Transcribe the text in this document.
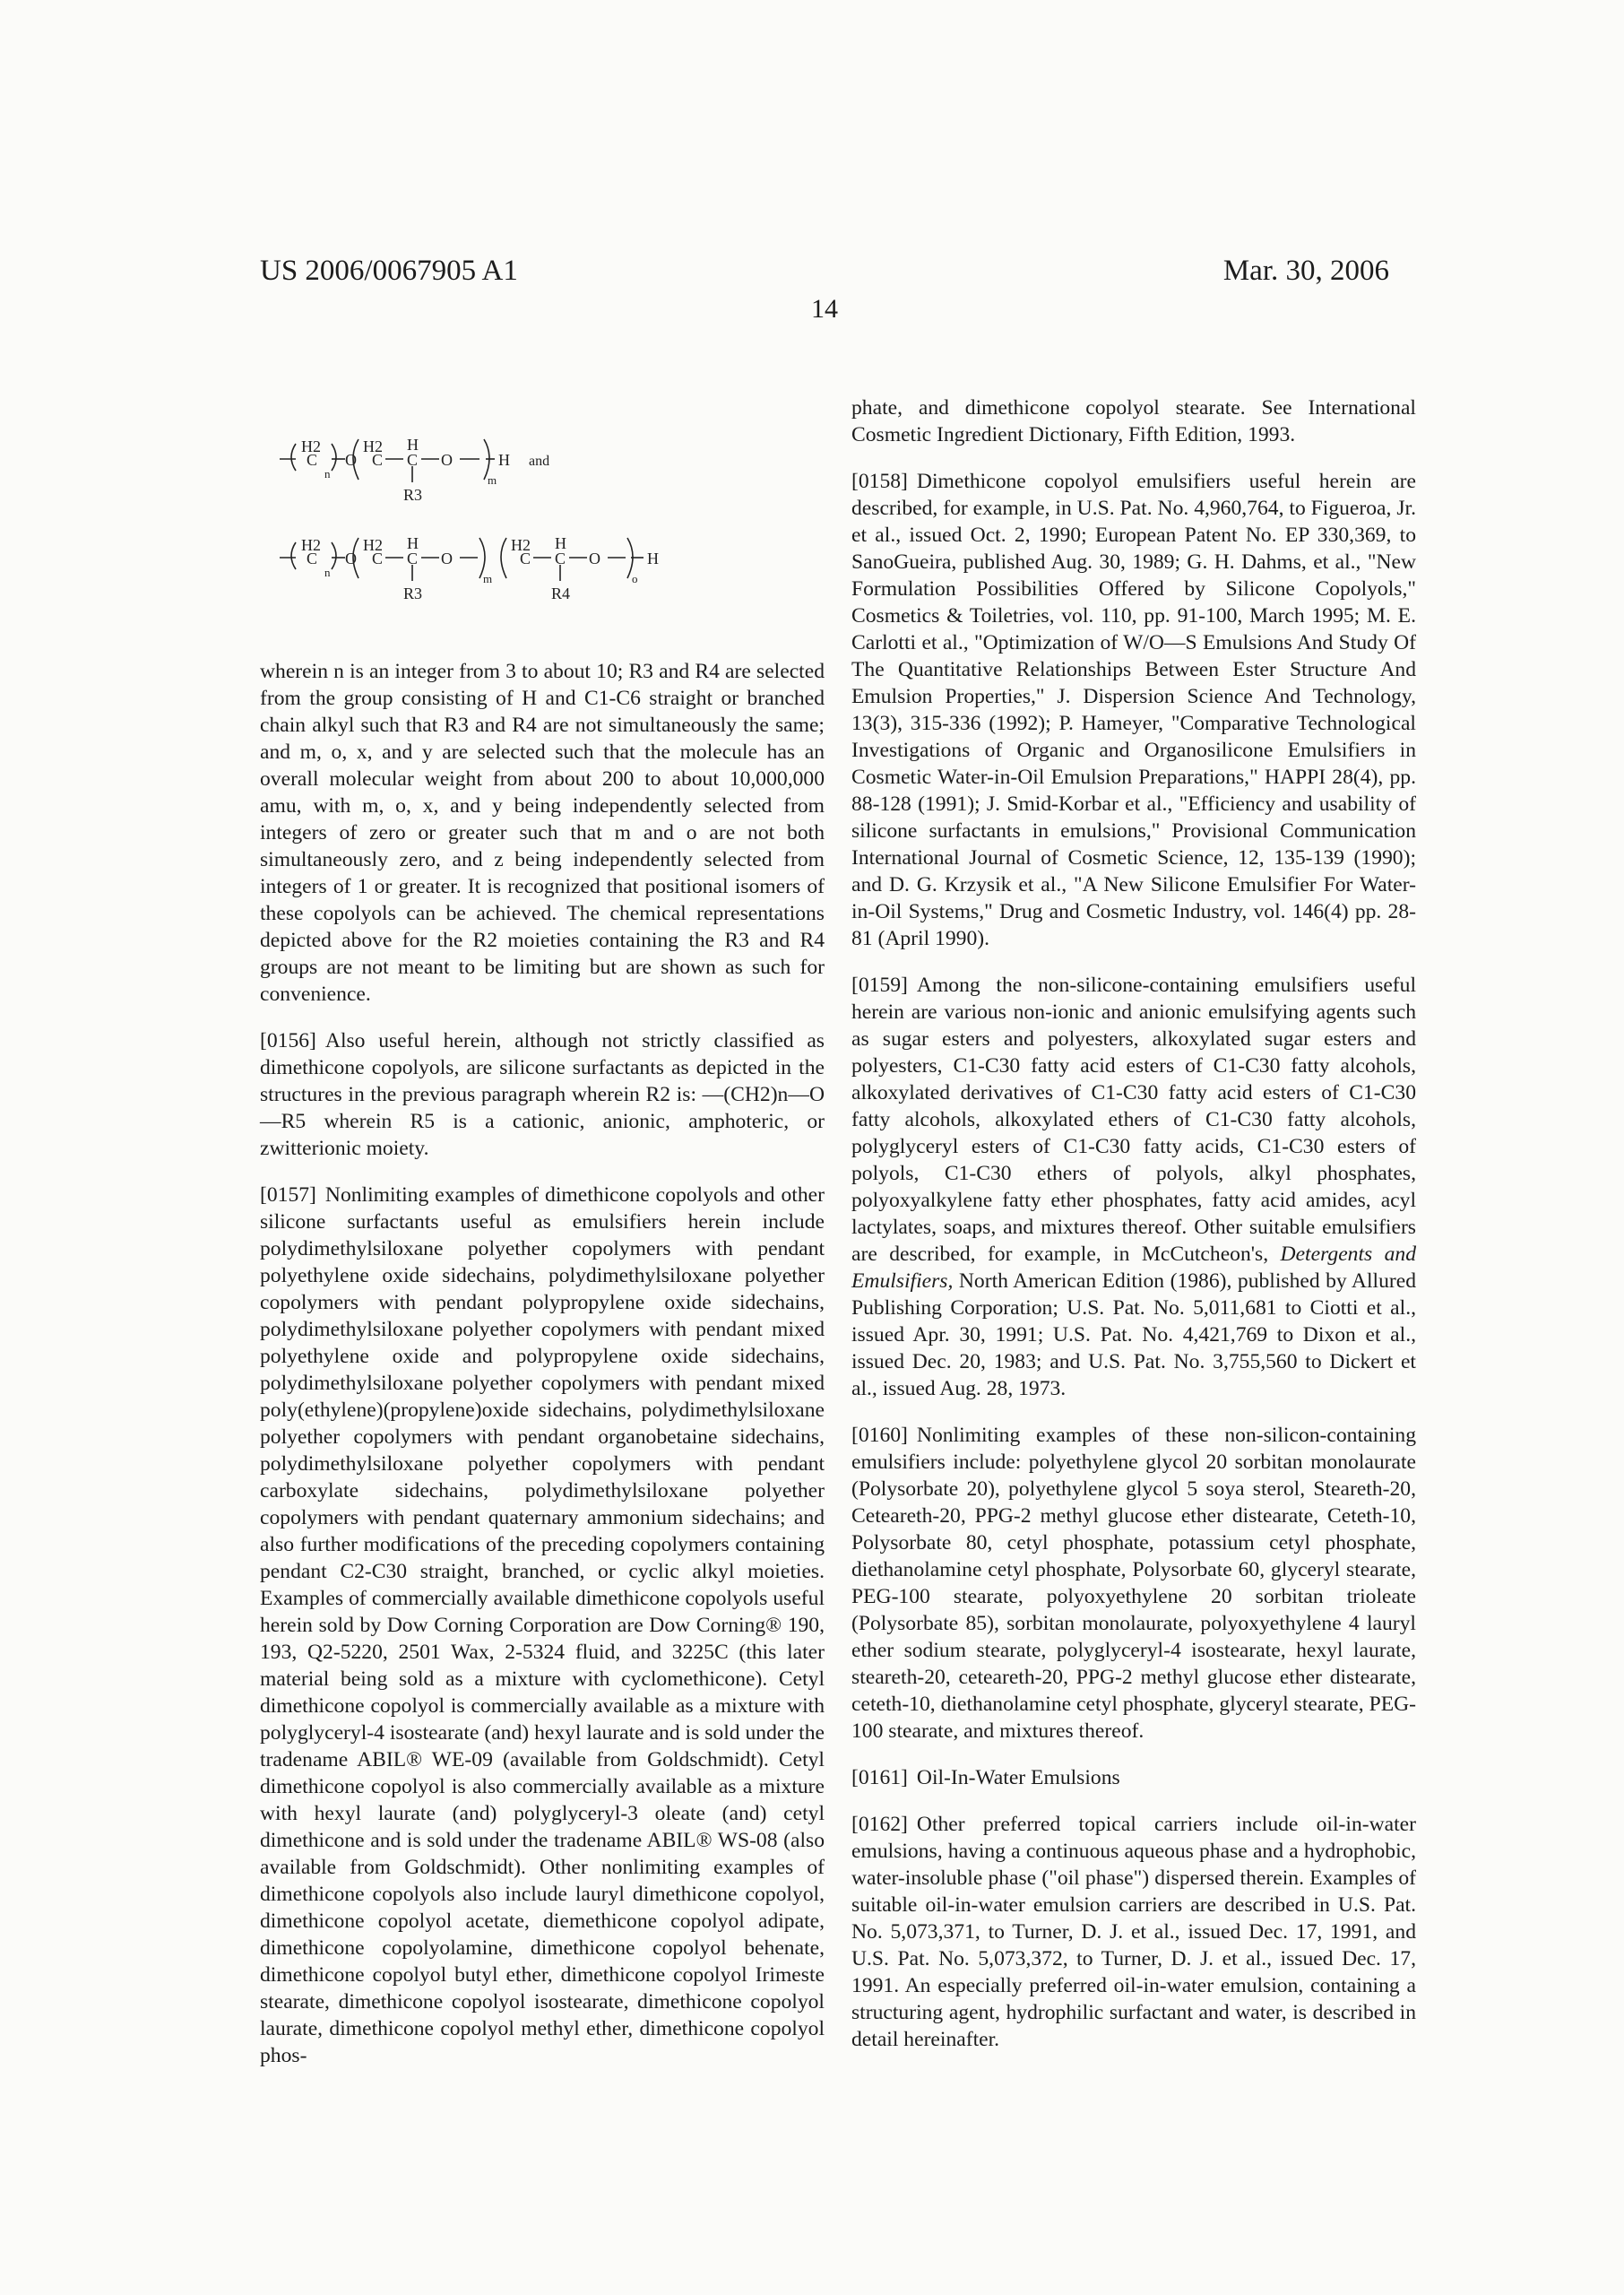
US 2006/0067905 A1	Mar. 30, 2006
14
H2
C
n
O
H2
C
H
C
R3
O
m
H and
H2
C
n
O
H2
C
H
C
R3
O
m
H2
C
H
C
R4
O
o
H

wherein n is an integer from 3 to about 10; R3 and R4 are selected from the group consisting of H and C1-C6 straight or branched chain alkyl such that R3 and R4 are not simultaneously the same; and m, o, x, and y are selected such that the molecule has an overall molecular weight from about 200 to about 10,000,000 amu, with m, o, x, and y being independently selected from integers of zero or greater such that m and o are not both simultaneously zero, and z being independently selected from integers of 1 or greater. It is recognized that positional isomers of these copolyols can be achieved. The chemical representations depicted above for the R2 moieties containing the R3 and R4 groups are not meant to be limiting but are shown as such for convenience.

[0156] Also useful herein, although not strictly classified as dimethicone copolyols, are silicone surfactants as depicted in the structures in the previous paragraph wherein R2 is: —(CH2)n—O—R5 wherein R5 is a cationic, anionic, amphoteric, or zwitterionic moiety.

[0157] Nonlimiting examples of dimethicone copolyols and other silicone surfactants useful as emulsifiers herein include polydimethylsiloxane polyether copolymers with pendant polyethylene oxide sidechains, polydimethylsiloxane polyether copolymers with pendant polypropylene oxide sidechains, polydimethylsiloxane polyether copolymers with pendant mixed polyethylene oxide and polypropylene oxide sidechains, polydimethylsiloxane polyether copolymers with pendant mixed poly(ethylene)(propylene)oxide sidechains, polydimethylsiloxane polyether copolymers with pendant organobetaine sidechains, polydimethylsiloxane polyether copolymers with pendant carboxylate sidechains, polydimethylsiloxane polyether copolymers with pendant quaternary ammonium sidechains; and also further modifications of the preceding copolymers containing pendant C2-C30 straight, branched, or cyclic alkyl moieties. Examples of commercially available dimethicone copolyols useful herein sold by Dow Corning Corporation are Dow Corning® 190, 193, Q2-5220, 2501 Wax, 2-5324 fluid, and 3225C (this later material being sold as a mixture with cyclomethicone). Cetyl dimethicone copolyol is commercially available as a mixture with polyglyceryl-4 isostearate (and) hexyl laurate and is sold under the tradename ABIL® WE-09 (available from Goldschmidt). Cetyl dimethicone copolyol is also commercially available as a mixture with hexyl laurate (and) polyglyceryl-3 oleate (and) cetyl dimethicone and is sold under the tradename ABIL® WS-08 (also available from Goldschmidt). Other nonlimiting examples of dimethicone copolyols also include lauryl dimethicone copolyol, dimethicone copolyol acetate, diemethicone copolyol adipate, dimethicone copolyolamine, dimethicone copolyol behenate, dimethicone copolyol butyl ether, dimethicone copolyol Irimeste stearate, dimethicone copolyol isostearate, dimethicone copolyol laurate, dimethicone copolyol methyl ether, dimethicone copolyol phos-

phate, and dimethicone copolyol stearate. See International Cosmetic Ingredient Dictionary, Fifth Edition, 1993.

[0158] Dimethicone copolyol emulsifiers useful herein are described, for example, in U.S. Pat. No. 4,960,764, to Figueroa, Jr. et al., issued Oct. 2, 1990; European Patent No. EP 330,369, to SanoGueira, published Aug. 30, 1989; G. H. Dahms, et al., "New Formulation Possibilities Offered by Silicone Copolyols," Cosmetics & Toiletries, vol. 110, pp. 91-100, March 1995; M. E. Carlotti et al., "Optimization of W/O—S Emulsions And Study Of The Quantitative Relationships Between Ester Structure And Emulsion Properties," J. Dispersion Science And Technology, 13(3), 315-336 (1992); P. Hameyer, "Comparative Technological Investigations of Organic and Organosilicone Emulsifiers in Cosmetic Water-in-Oil Emulsion Preparations," HAPPI 28(4), pp. 88-128 (1991); J. Smid-Korbar et al., "Efficiency and usability of silicone surfactants in emulsions," Provisional Communication International Journal of Cosmetic Science, 12, 135-139 (1990); and D. G. Krzysik et al., "A New Silicone Emulsifier For Water-in-Oil Systems," Drug and Cosmetic Industry, vol. 146(4) pp. 28-81 (April 1990).

[0159] Among the non-silicone-containing emulsifiers useful herein are various non-ionic and anionic emulsifying agents such as sugar esters and polyesters, alkoxylated sugar esters and polyesters, C1-C30 fatty acid esters of C1-C30 fatty alcohols, alkoxylated derivatives of C1-C30 fatty acid esters of C1-C30 fatty alcohols, alkoxylated ethers of C1-C30 fatty alcohols, polyglyceryl esters of C1-C30 fatty acids, C1-C30 esters of polyols, C1-C30 ethers of polyols, alkyl phosphates, polyoxyalkylene fatty ether phosphates, fatty acid amides, acyl lactylates, soaps, and mixtures thereof. Other suitable emulsifiers are described, for example, in McCutcheon's, Detergents and Emulsifiers, North American Edition (1986), published by Allured Publishing Corporation; U.S. Pat. No. 5,011,681 to Ciotti et al., issued Apr. 30, 1991; U.S. Pat. No. 4,421,769 to Dixon et al., issued Dec. 20, 1983; and U.S. Pat. No. 3,755,560 to Dickert et al., issued Aug. 28, 1973.

[0160] Nonlimiting examples of these non-silicon-containing emulsifiers include: polyethylene glycol 20 sorbitan monolaurate (Polysorbate 20), polyethylene glycol 5 soya sterol, Steareth-20, Ceteareth-20, PPG-2 methyl glucose ether distearate, Ceteth-10, Polysorbate 80, cetyl phosphate, potassium cetyl phosphate, diethanolamine cetyl phosphate, Polysorbate 60, glyceryl stearate, PEG-100 stearate, polyoxyethylene 20 sorbitan trioleate (Polysorbate 85), sorbitan monolaurate, polyoxyethylene 4 lauryl ether sodium stearate, polyglyceryl-4 isostearate, hexyl laurate, steareth-20, ceteareth-20, PPG-2 methyl glucose ether distearate, ceteth-10, diethanolamine cetyl phosphate, glyceryl stearate, PEG-100 stearate, and mixtures thereof.

[0161] Oil-In-Water Emulsions

[0162] Other preferred topical carriers include oil-in-water emulsions, having a continuous aqueous phase and a hydrophobic, water-insoluble phase ("oil phase") dispersed therein. Examples of suitable oil-in-water emulsion carriers are described in U.S. Pat. No. 5,073,371, to Turner, D. J. et al., issued Dec. 17, 1991, and U.S. Pat. No. 5,073,372, to Turner, D. J. et al., issued Dec. 17, 1991. An especially preferred oil-in-water emulsion, containing a structuring agent, hydrophilic surfactant and water, is described in detail hereinafter.
